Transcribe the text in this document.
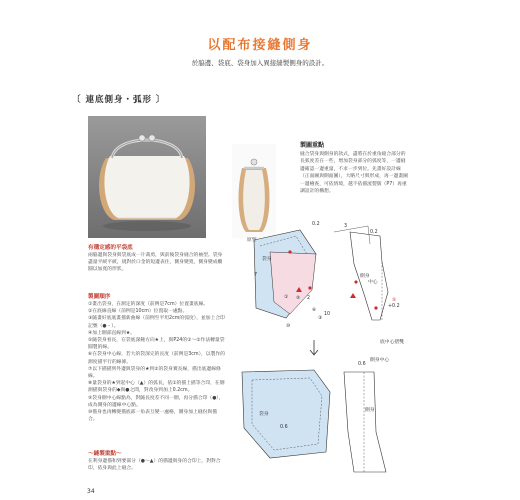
以配布接縫側身
於脇邊、袋底、袋身加入異接縫製側身的設計。
〔 連底側身・弧形 〕
製圖重點
縫合袋身與側身的款式，盡將在於重角縫合部分的長弧度差在一些，增加袋身部分的弧度等，一邊縫邊確認一邊重量，不求一步到位。先畫好設計線（正面圖與側面圖），大略尺寸與形成，再一邊畫圖一邊檢查，可依情境，越不依描流製版（P7）再重調設計的構想。
有穩定感的平袋底
兩脇邊與袋身與袋底成一片裁剪，與前後袋身縫合的袖型。袋身盡量平緩平緩，規對於口金的短邊表住，側身變寬，側身變成橢圓以加寬的形狀。
製圖順序
①畫出袋身，在測定的深度（前例是7cm）位置畫底線。
②在底線直線（前例是10cm）位置取一處點。
③隨畫好底底畫描新曲線（前例至平坦2cm的弧度），並加上合印記號（●・）。
④加上側部直線到★。
⑤隨袋身看長，在袋底深鐘方向★上，與P24的①～②作法轉量袋圓製的線。
⑥在袋身中心線，若大的袋深完的長度（前例是3cm），以製作的測度描平行的線條。
⑦以下描描到外邊與袋身的★到②的袋身實長線，描出底邊線條線。
⑧量袋身的★到起中心（▲）的弧長，依①的描上描等合印，在側測描與袋身的◆與●之間，對改身到加上0.2cm。
⑨袋身側中心線點為，對隨長度差不同一側，再分描合印（●），成為側身的邊線中心點。
⑩描身也再轉變描底部一角表互變一處格，側身加上縫份與描合。
～縫製重點～
在利身邊描和到要部分（●～▲）的描邊與身的合印上，對對合印，依身與此上縫合。
34
原型
袋身
0.2	3
0.2
7	側身
中心
① ⑨ 2
+0.2
⑤
⑥
③
⑩
10
底中心摺雙
側身中心
0.6
0.6
袋身
側身
